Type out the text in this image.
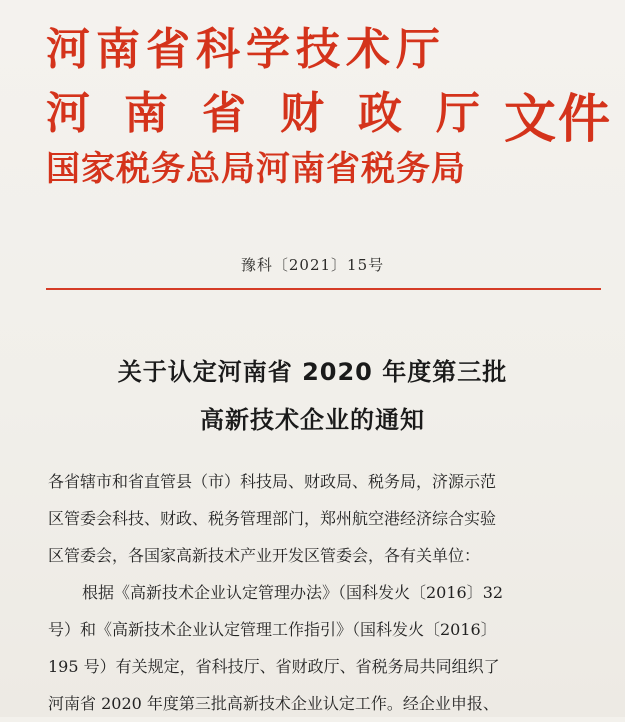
河南省科学技术厅
河南省财政厅
国家税务总局河南省税务局
文件
豫科〔2021〕15号
关于认定河南省 2020 年度第三批
高新技术企业的通知
各省辖市和省直管县（市）科技局、财政局、税务局，济源示范
区管委会科技、财政、税务管理部门，郑州航空港经济综合实验
区管委会，各国家高新技术产业开发区管委会，各有关单位：
根据《高新技术企业认定管理办法》（国科发火〔2016〕32
号）和《高新技术企业认定管理工作指引》（国科发火〔2016〕
195 号）有关规定，省科技厅、省财政厅、省税务局共同组织了
河南省 2020 年度第三批高新技术企业认定工作。经企业申报、
